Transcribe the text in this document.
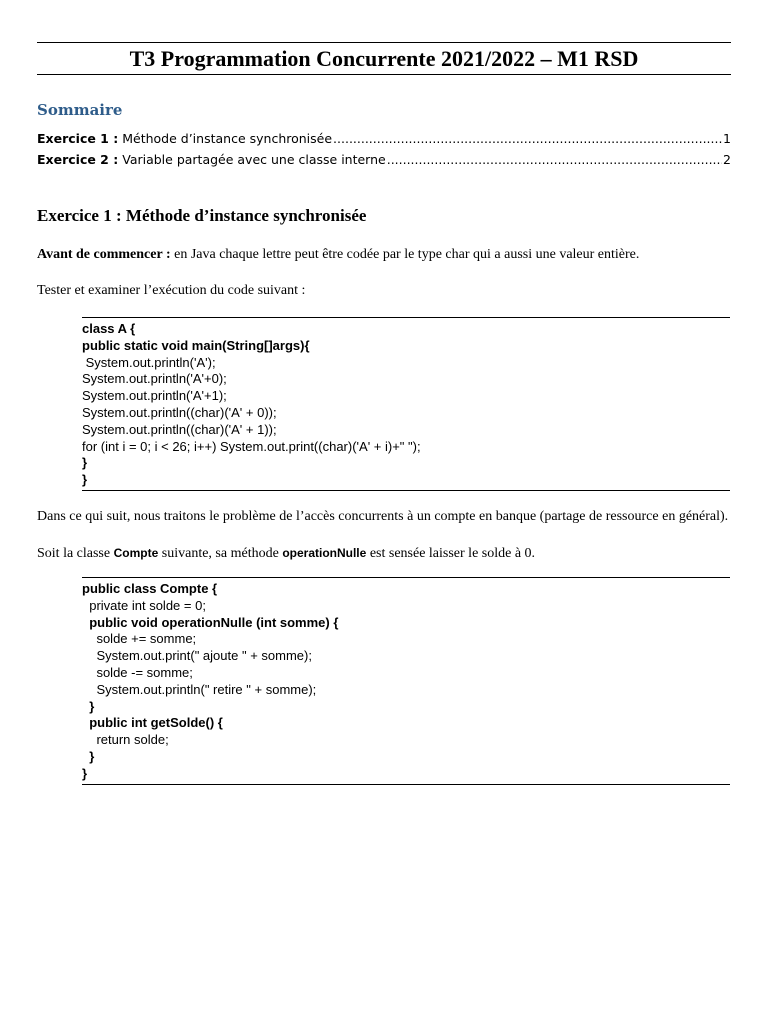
T3 Programmation Concurrente 2021/2022 – M1 RSD
Sommaire
Exercice 1
: Méthode d’instance synchronisée .....	1
Exercice 2
: Variable partagée avec une classe interne .....	2
Exercice 1 : Méthode d’instance synchronisée

Avant de commencer : en Java chaque lettre peut être codée par le type char qui a aussi une valeur entière.

Tester et examiner l’exécution du code suivant :

class A {
public static void main(String[]args){
System.out.println('A');
System.out.println('A'+0);
System.out.println('A'+1);
System.out.println((char)('A' + 0));
System.out.println((char)('A' + 1));
for (int i = 0; i < 26; i++) System.out.print((char)('A' + i)+" ");
}
}

Dans ce qui suit, nous traitons le problème de l’accès concurrents à un compte en banque (partage de ressource en général).

Soit la classe Compte suivante, sa méthode operationNulle est sensée laisser le solde à 0.

public class Compte {
private int solde = 0;
public void operationNulle (int somme) {
solde += somme;
System.out.print(" ajoute " + somme);
solde -= somme;
System.out.println(" retire " + somme);
}
public int getSolde() {
return solde;
}
}
